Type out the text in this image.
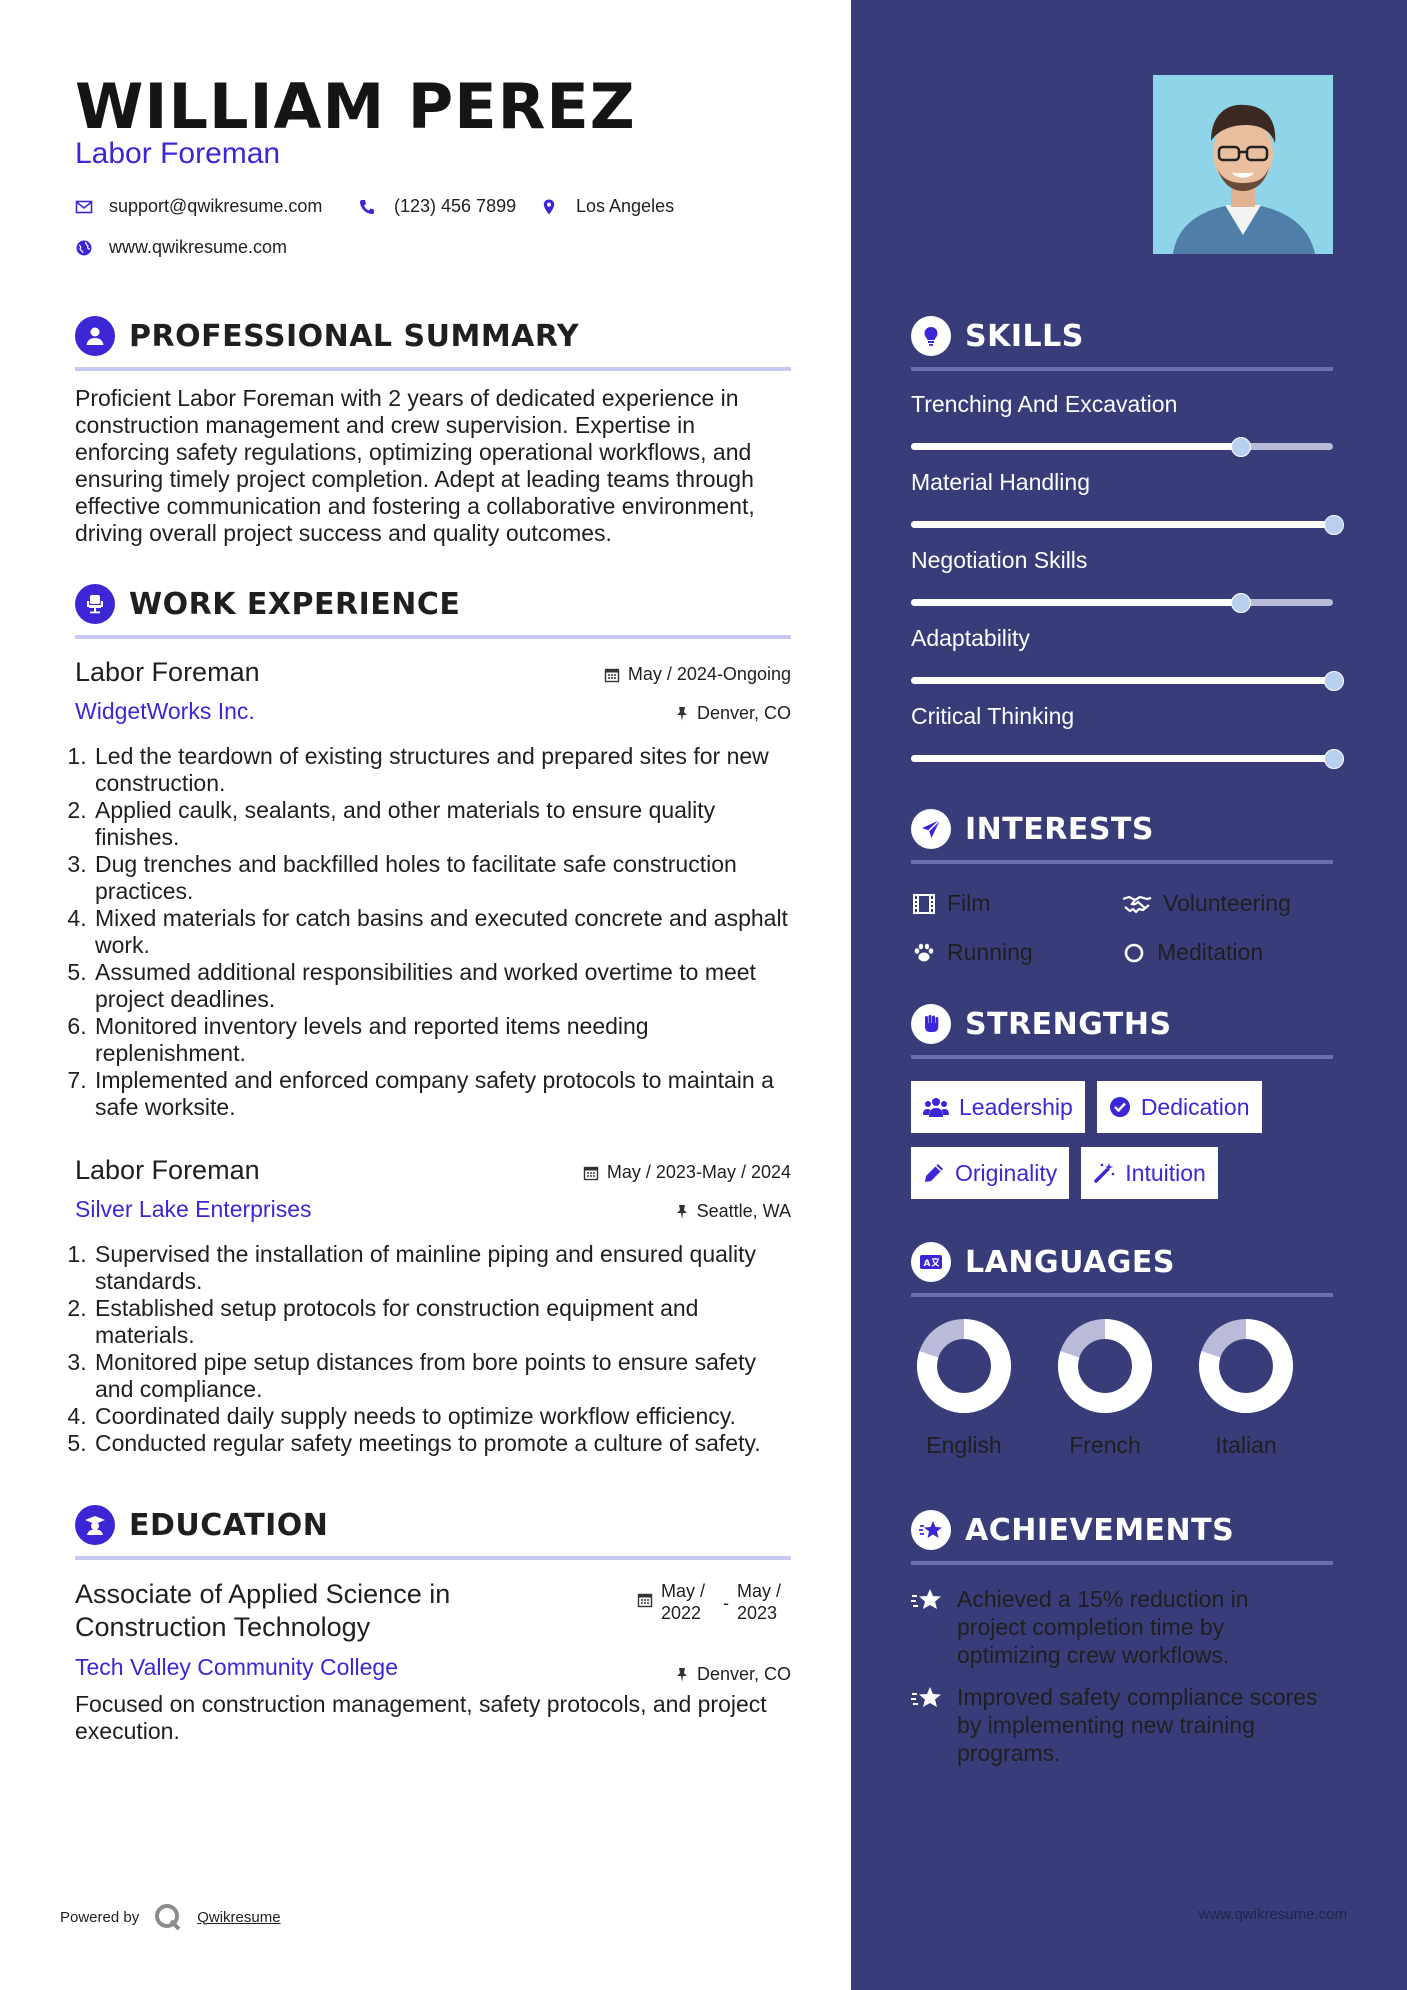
WILLIAM PEREZ
Labor Foreman
support@qwikresume.com	(123) 456 7899	Los Angeles
www.qwikresume.com
PROFESSIONAL SUMMARY
Proficient Labor Foreman with 2 years of dedicated experience in construction management and crew supervision. Expertise in enforcing safety regulations, optimizing operational workflows, and ensuring timely project completion. Adept at leading teams through effective communication and fostering a collaborative environment, driving overall project success and quality outcomes.
WORK EXPERIENCE
Labor Foreman	May / 2024-Ongoing
WidgetWorks Inc.	Denver, CO
1. Led the teardown of existing structures and prepared sites for new construction.
2. Applied caulk, sealants, and other materials to ensure quality finishes.
3. Dug trenches and backfilled holes to facilitate safe construction practices.
4. Mixed materials for catch basins and executed concrete and asphalt work.
5. Assumed additional responsibilities and worked overtime to meet project deadlines.
6. Monitored inventory levels and reported items needing replenishment.
7. Implemented and enforced company safety protocols to maintain a safe worksite.
Labor Foreman	May / 2023-May / 2024
Silver Lake Enterprises	Seattle, WA
1. Supervised the installation of mainline piping and ensured quality standards.
2. Established setup protocols for construction equipment and materials.
3. Monitored pipe setup distances from bore points to ensure safety and compliance.
4. Coordinated daily supply needs to optimize workflow efficiency.
5. Conducted regular safety meetings to promote a culture of safety.
EDUCATION
Associate of Applied Science in
Construction Technology
May /
2022	-
May /
2023
Tech Valley Community College	Denver, CO
Focused on construction management, safety protocols, and project execution.
Powered by	Qwikresume
SKILLS
Trenching And Excavation
Material Handling
Negotiation Skills
Adaptability
Critical Thinking
INTERESTS
Film	Volunteering
Running	Meditation
STRENGTHS
Leadership	Dedication
Originality	Intuition
A LANGUAGES
English	French	Italian
ACHIEVEMENTS
Achieved a 15% reduction in
project completion time by
optimizing crew workflows.
Improved safety compliance scores
by implementing new training
programs.
www.qwikresume.com
